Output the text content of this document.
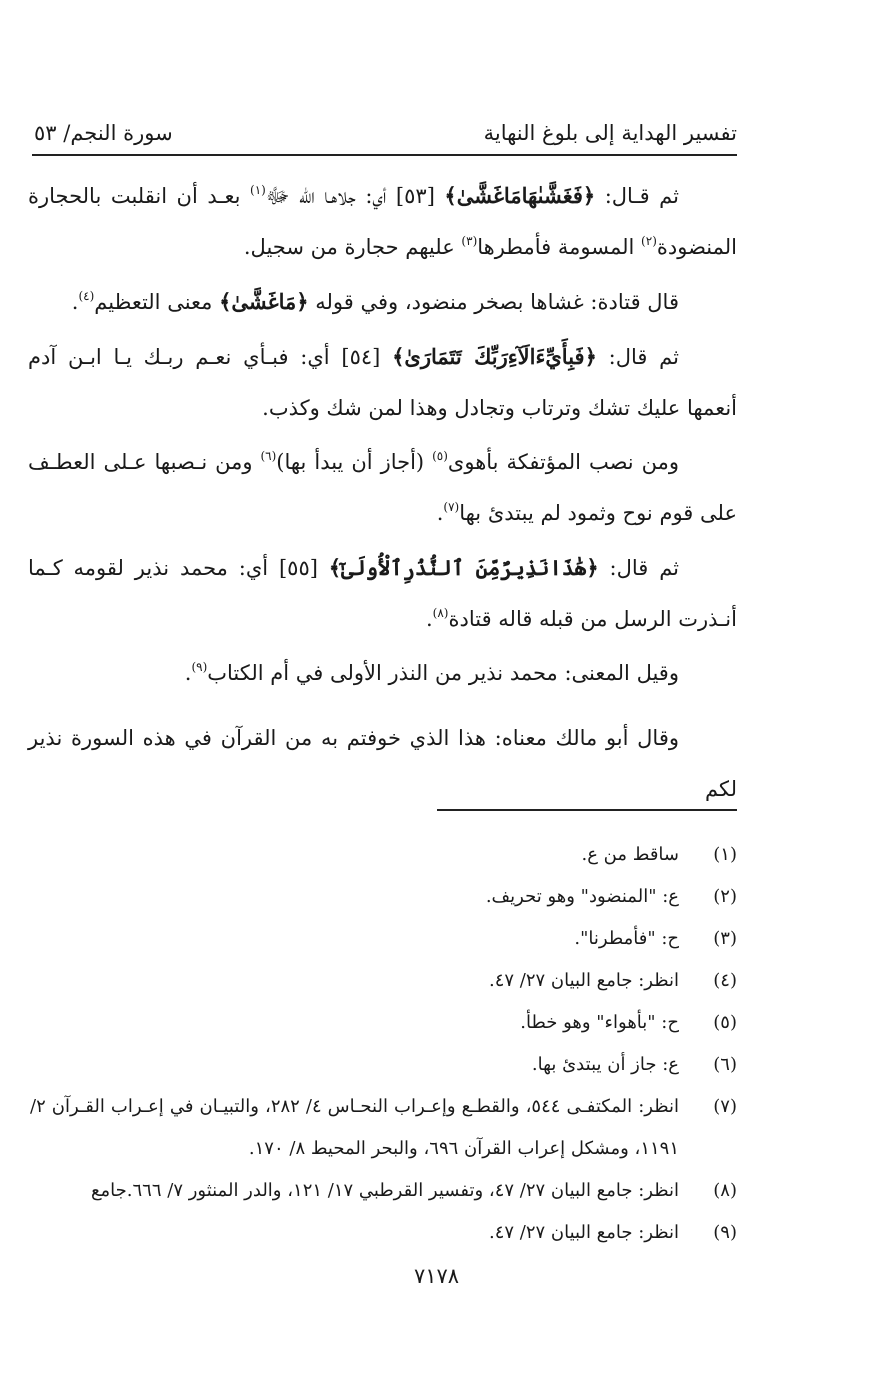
تفسير الهداية إلى بلوغ النهاية
سورة النجم/ ٥٣

ثم قـال: ﴿فَغَشَّىٰهَامَاغَشَّىٰ﴾ [٥٣] أي: جلاهـا الله ﷻ$^{(١)}$ بعـد أن انقلبت بالحجارة المنضودة$^{(٢)}$ المسومة فأمطرها$^{(٣)}$ عليهم حجارة من سجيل.

قال قتادة: غشاها بصخر منضود، وفي قوله ﴿مَاغَشَّىٰ﴾ معنى التعظيم$^{(٤)}$.

ثم قال: ﴿فَبِأَيِّءَالَآءِرَبِّكَ تَتَمَارَىٰ﴾ [٥٤] أي: فبـأي نعـم ربـك يـا ابـن آدم أنعمها عليك تشك وترتاب وتجادل وهذا لمن شك وكذب.

ومن نصب المؤتفكة بأهوى$^{(٥)}$ (أجاز أن يبدأ بها)$^{(٦)}$ ومن نـصبها عـلى العطـف على قوم نوح وثمود لم يبتدئ بها$^{(٧)}$.

ثم قال: ﴿هَٰذَانَذِيرٌمِّنَ ٱلنُّذُرِٱلْأُولَىٰٓ﴾ [٥٥] أي: محمد نذير لقومه كـما أنـذرت الرسل من قبله قاله قتادة$^{(٨)}$.

وقيل المعنى: محمد نذير من النذر الأولى في أم الكتاب$^{(٩)}$.

وقال أبو مالك معناه: هذا الذي خوفتم به من القرآن في هذه السورة نذير لكم

(١)
ساقط من ع.
(٢)
ع: "المنضود" وهو تحريف.
(٣)
ح: "فأمطرنا".
(٤)
انظر: جامع البيان ٢٧/ ٤٧.
(٥)
ح: "بأهواء" وهو خطأ.
(٦)
ع: جاز أن يبتدئ بها.
(٧)
انظر: المكتفـى ٥٤٤، والقطـع وإعـراب النحـاس ٤/ ٢٨٢، والتبيـان في إعـراب القـرآن ٢/ ١١٩١، ومشكل إعراب القرآن ٦٩٦، والبحر المحيط ٨/ ١٧٠.
(٨)
انظر: جامع البيان ٢٧/ ٤٧، وتفسير القرطبي ١٧/ ١٢١، والدر المنثور ٧/ ٦٦٦.جامع
(٩)
انظر: جامع البيان ٢٧/ ٤٧.
٧١٧٨
